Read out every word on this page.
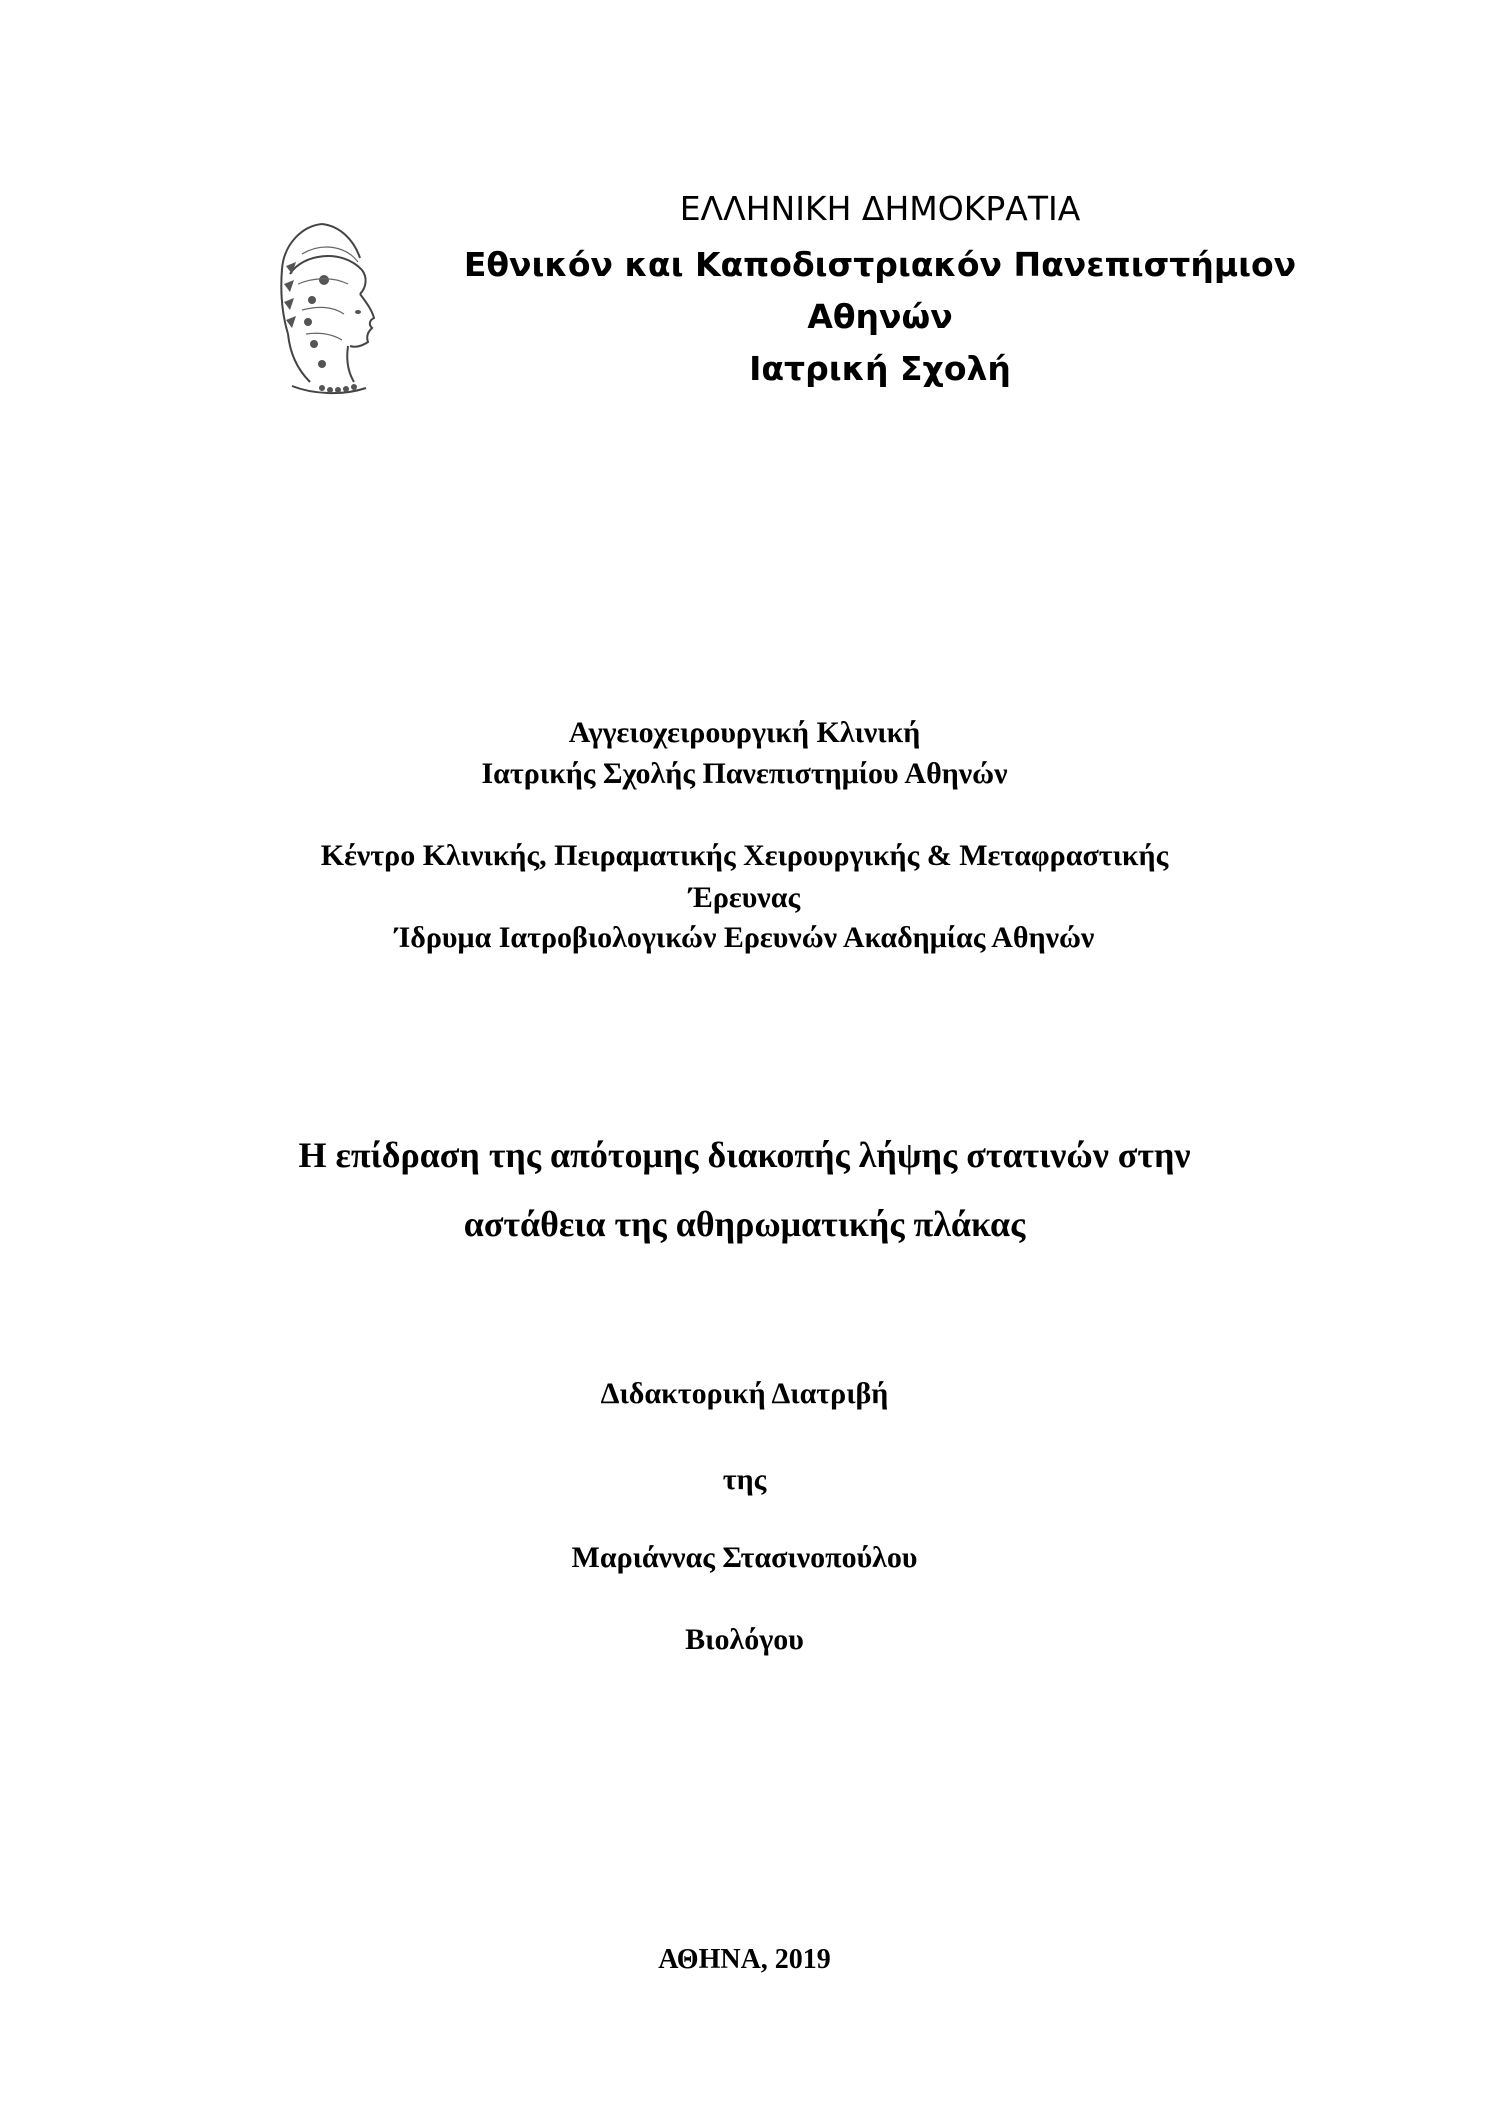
ΕΛΛΗΝΙΚΗ ΔΗΜΟΚΡΑΤΙΑ
Εθνικόν και Καποδιστριακόν Πανεπιστήμιον
Αθηνών
Ιατρική Σχολή
Αγγειοχειρουργική Κλινική
Ιατρικής Σχολής Πανεπιστημίου Αθηνών
Κέντρο Κλινικής, Πειραματικής Χειρουργικής & Μεταφραστικής
Έρευνας
Ίδρυμα Ιατροβιολογικών Ερευνών Ακαδημίας Αθηνών
Η επίδραση της απότομης διακοπής λήψης στατινών στην
αστάθεια της αθηρωματικής πλάκας
Διδακτορική Διατριβή
της
Μαριάννας Στασινοπούλου
Βιολόγου
ΑΘΗΝΑ, 2019
